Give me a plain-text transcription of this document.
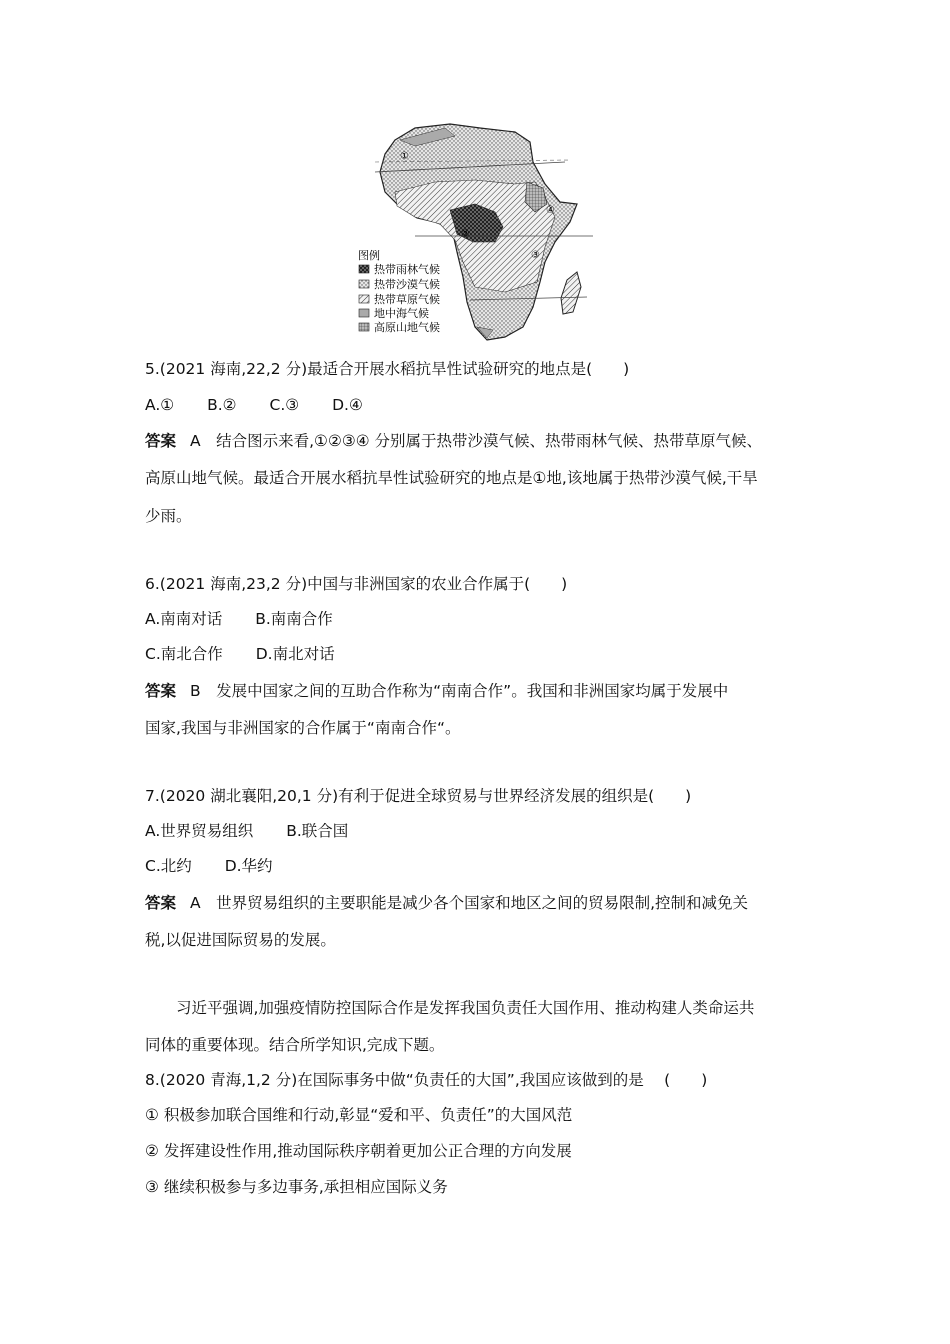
①
②
③
④
图例
热带雨林气候
热带沙漠气候
热带草原气候
地中海气候
高原山地气候
5.(2021 海南,22,2 分)最适合开展水稻抗旱性试验研究的地点是(　　)
A.① B.② C.③ D.④
答案 A　结合图示来看,①②③④ 分别属于热带沙漠气候、热带雨林气候、热带草原气候、
高原山地气候。最适合开展水稻抗旱性试验研究的地点是①地,该地属于热带沙漠气候,干旱
少雨。
6.(2021 海南,23,2 分)中国与非洲国家的农业合作属于(　　)
A.南南对话 B.南南合作
C.南北合作 D.南北对话
答案 B　发展中国家之间的互助合作称为“南南合作”。我国和非洲国家均属于发展中
国家,我国与非洲国家的合作属于“南南合作“。
7.(2020 湖北襄阳,20,1 分)有利于促进全球贸易与世界经济发展的组织是(　　)
A.世界贸易组织 B.联合国
C.北约 D.华约
答案 A　世界贸易组织的主要职能是减少各个国家和地区之间的贸易限制,控制和减免关
税,以促进国际贸易的发展。
　　习近平强调,加强疫情防控国际合作是发挥我国负责任大国作用、推动构建人类命运共
同体的重要体现。结合所学知识,完成下题。
8.(2020 青海,1,2 分)在国际事务中做“负责任的大国”,我国应该做到的是　 (　　)
① 积极参加联合国维和行动,彰显“爱和平、负责任”的大国风范
② 发挥建设性作用,推动国际秩序朝着更加公正合理的方向发展
③ 继续积极参与多边事务,承担相应国际义务
